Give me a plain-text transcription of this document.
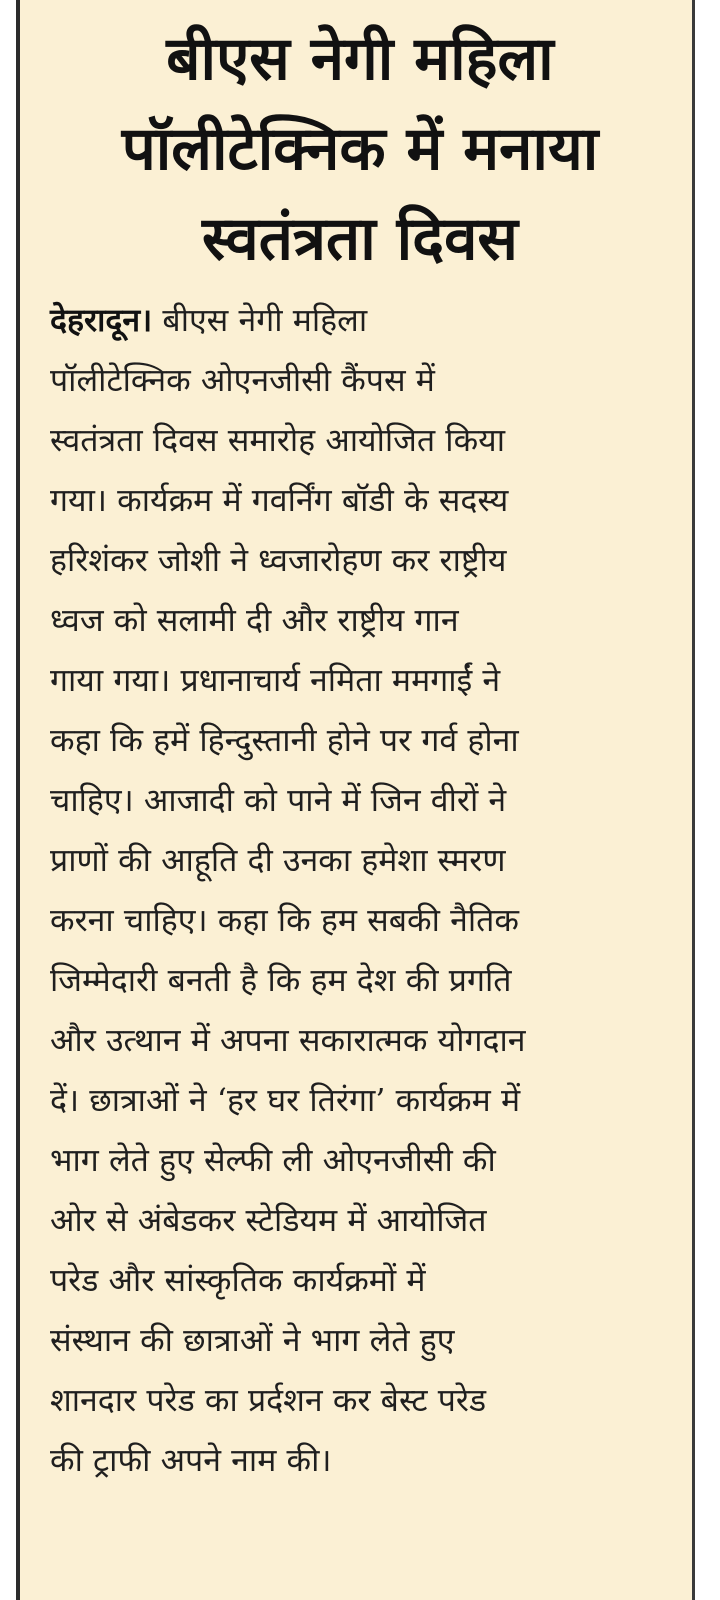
बीएस नेगी महिला
पॉलीटेक्निक में मनाया
स्वतंत्रता दिवस
देहरादून। बीएस नेगी महिला
पॉलीटेक्निक ओएनजीसी कैंपस में
स्वतंत्रता दिवस समारोह आयोजित किया
गया। कार्यक्रम में गवर्निंग बॉडी के सदस्य
हरिशंकर जोशी ने ध्वजारोहण कर राष्ट्रीय
ध्वज को सलामी दी और राष्ट्रीय गान
गाया गया। प्रधानाचार्य नमिता ममगाईं ने
कहा कि हमें हिन्दुस्तानी होने पर गर्व होना
चाहिए। आजादी को पाने में जिन वीरों ने
प्राणों की आहूति दी उनका हमेशा स्मरण
करना चाहिए। कहा कि हम सबकी नैतिक
जिम्मेदारी बनती है कि हम देश की प्रगति
और उत्थान में अपना सकारात्मक योगदान
दें। छात्राओं ने ‘हर घर तिरंगा’ कार्यक्रम में
भाग लेते हुए सेल्फी ली ओएनजीसी की
ओर से अंबेडकर स्टेडियम में आयोजित
परेड और सांस्कृतिक कार्यक्रमों में
संस्थान की छात्राओं ने भाग लेते हुए
शानदार परेड का प्रर्दशन कर बेस्ट परेड
की ट्राफी अपने नाम की।
